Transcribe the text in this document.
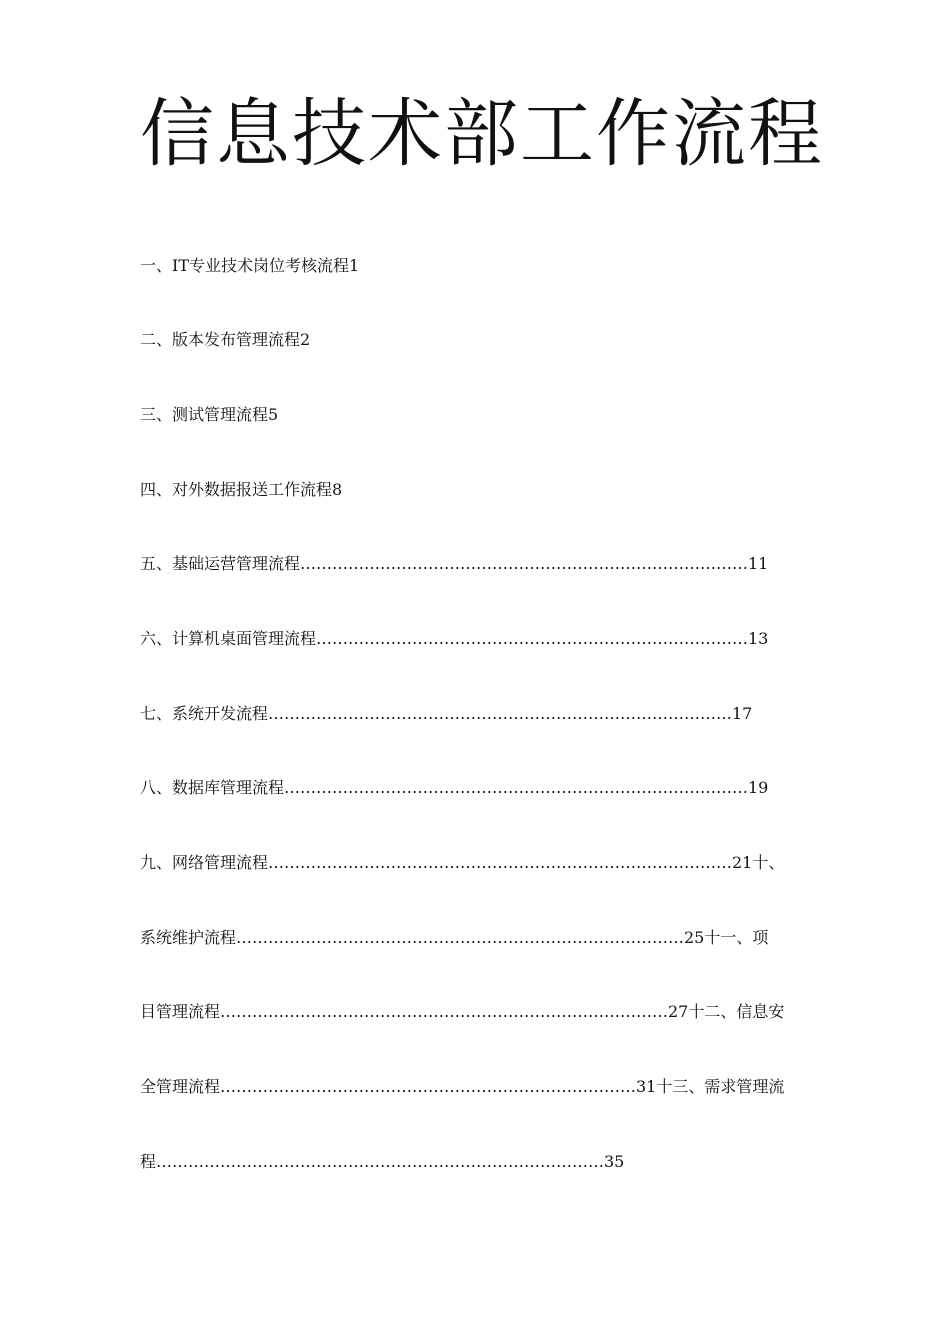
信息技术部工作流程

一、IT专业技术岗位考核流程1

二、版本发布管理流程2

三、测试管理流程5

四、对外数据报送工作流程8

五、基础运营管理流程…………………………………………………………………………11

六、计算机桌面管理流程………………………………………………………………………13

七、系统开发流程……………………………………………………………………………17

八、数据库管理流程……………………………………………………………………………19

九、网络管理流程……………………………………………………………………………21十、

系统维护流程…………………………………………………………………………25十一、项

目管理流程…………………………………………………………………………27十二、信息安

全管理流程……………………………………………………………………31十三、需求管理流

程…………………………………………………………………………35
